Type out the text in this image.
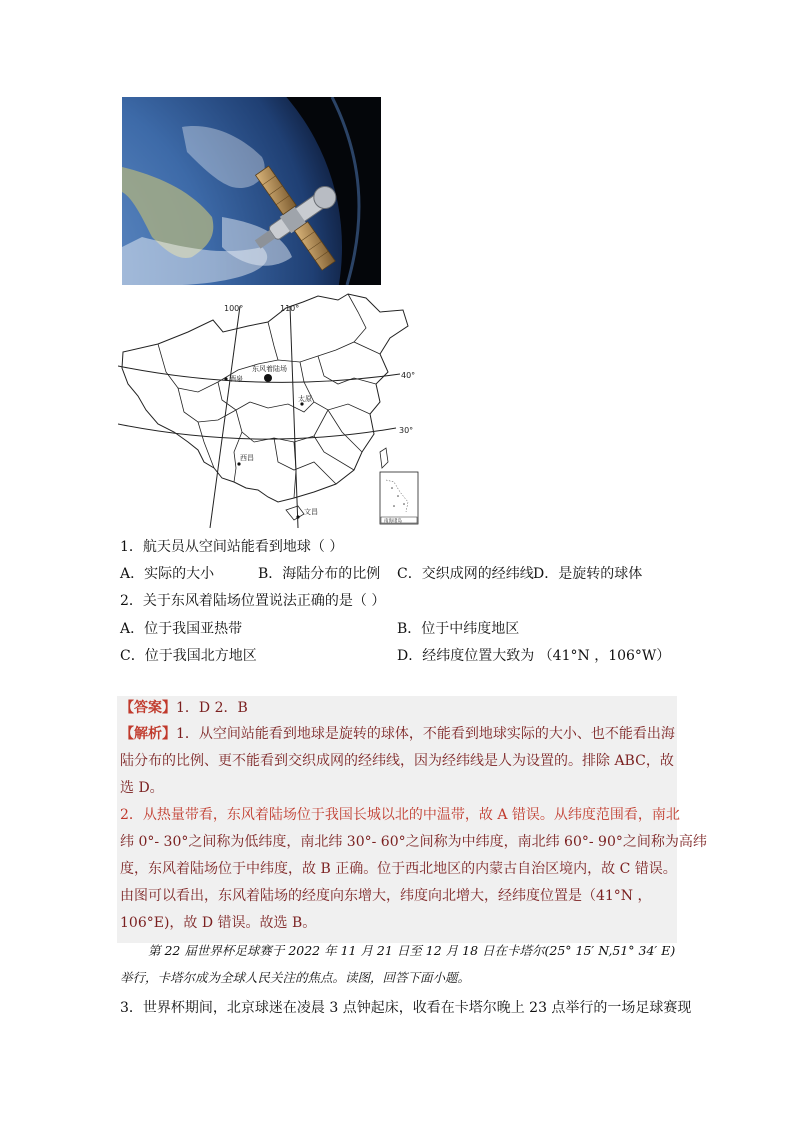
100°	110°
40°
30°
东风着陆场
酒泉
太原
西昌
文昌
南海诸岛
1．航天员从空间站能看到地球（ ）
A．实际的大小	B．海陆分布的比例 C．交织成网的经纬线 D．是旋转的球体
2．关于东风着陆场位置说法正确的是（ ）
A．位于我国亚热带	B．位于中纬度地区
C．位于我国北方地区	D．经纬度位置大致为 （41°N ，106°W）
【答案】1．D 2．B
【解析】1．从空间站能看到地球是旋转的球体，不能看到地球实际的大小、也不能看出海
陆分布的比例、更不能看到交织成网的经纬线，因为经纬线是人为设置的。排除 ABC，故
选 D。
2．从热量带看，东风着陆场位于我国长城以北的中温带，故 A 错误。从纬度范围看，南北
纬 0°- 30°之间称为低纬度，南北纬 30°- 60°之间称为中纬度，南北纬 60°- 90°之间称为高纬
度，东风着陆场位于中纬度，故 B 正确。位于西北地区的内蒙古自治区境内，故 C 错误。
由图可以看出，东风着陆场的经度向东增大，纬度向北增大，经纬度位置是（41°N ，
106°E)，故 D 错误。故选 B。
第 22 届世界杯足球赛于 2022 年 11 月 21 日至 12 月 18 日在卡塔尔(25° 15′ N,51° 34′ E)
举行，卡塔尔成为全球人民关注的焦点。读图，回答下面小题。
3．世界杯期间，北京球迷在凌晨 3 点钟起床，收看在卡塔尔晚上 23 点举行的一场足球赛现
